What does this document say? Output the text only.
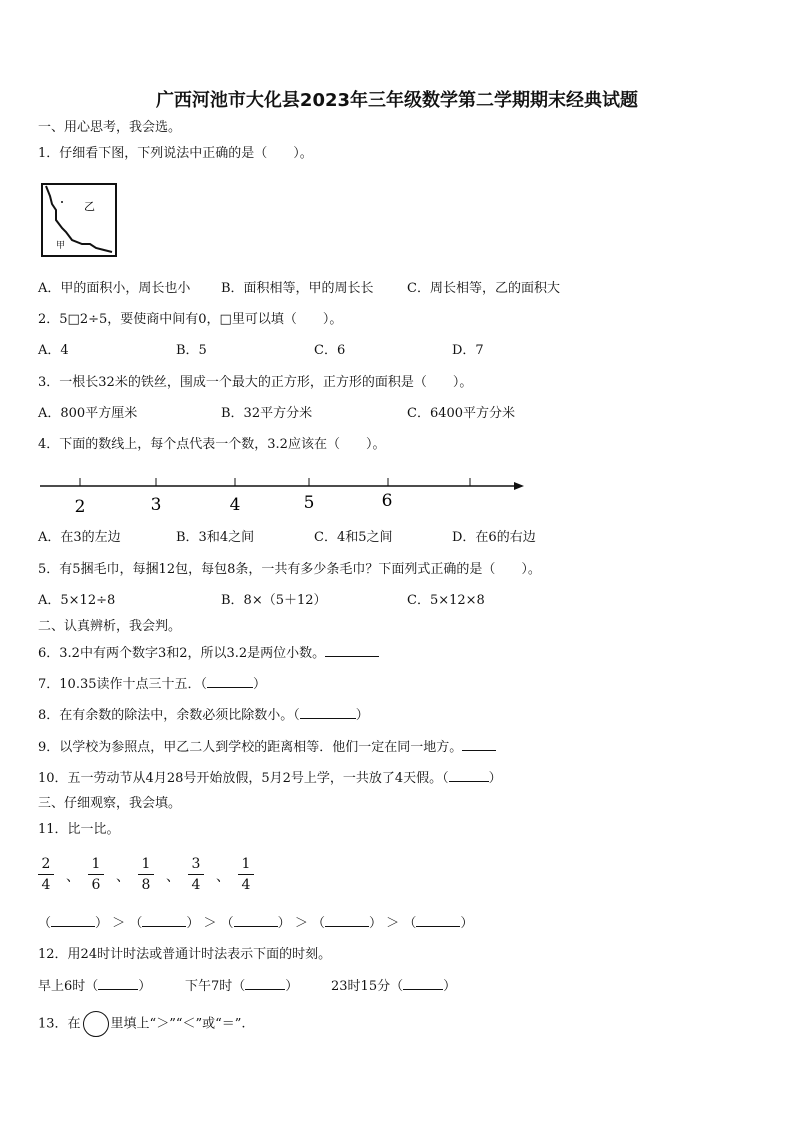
广西河池市大化县2023年三年级数学第二学期期末经典试题
一、用心思考，我会选。
1．仔细看下图，下列说法中正确的是（　　）。
乙
甲
A．甲的面积小，周长也小 B．面积相等，甲的周长长	C．周长相等，乙的面积大
2．5□2÷5，要使商中间有0，□里可以填（　　）。
A．4	B．5	C．6	D．7
3．一根长32米的铁丝，围成一个最大的正方形，正方形的面积是（　　）。
A．800平方厘米	B．32平方分米	C．6400平方分米
4．下面的数线上，每个点代表一个数，3.2应该在（　　）。
2	3	4	5	6
A．在3的左边	B．3和4之间	C．4和5之间	D．在6的右边
5．有5捆毛巾，每捆12包，每包8条，一共有多少条毛巾？下面列式正确的是（　　）。
A．5×12÷8	B．8×（5＋12）	C．5×12×8
二、认真辨析，我会判。
6．3.2中有两个数字3和2，所以3.2是两位小数。
7．10.35读作十点三十五．（	）
8．在有余数的除法中，余数必须比除数小。（	）
9．以学校为参照点，甲乙二人到学校的距离相等．他们一定在同一地方。
10．五一劳动节从4月28号开始放假，5月2号上学，一共放了4天假。（	）
三、仔细观察，我会填。
11．比一比。
2
4 、
1
6 、
1
8 、
3
4 、
1
4
（	） ＞ （	） ＞ （	） ＞ （	） ＞ （	）
12．用24时计时法或普通计时法表示下面的时刻。
早上6时（	）	下午7时（	）	23时15分（	）
13．在 里填上“＞”“＜”或“＝”.
